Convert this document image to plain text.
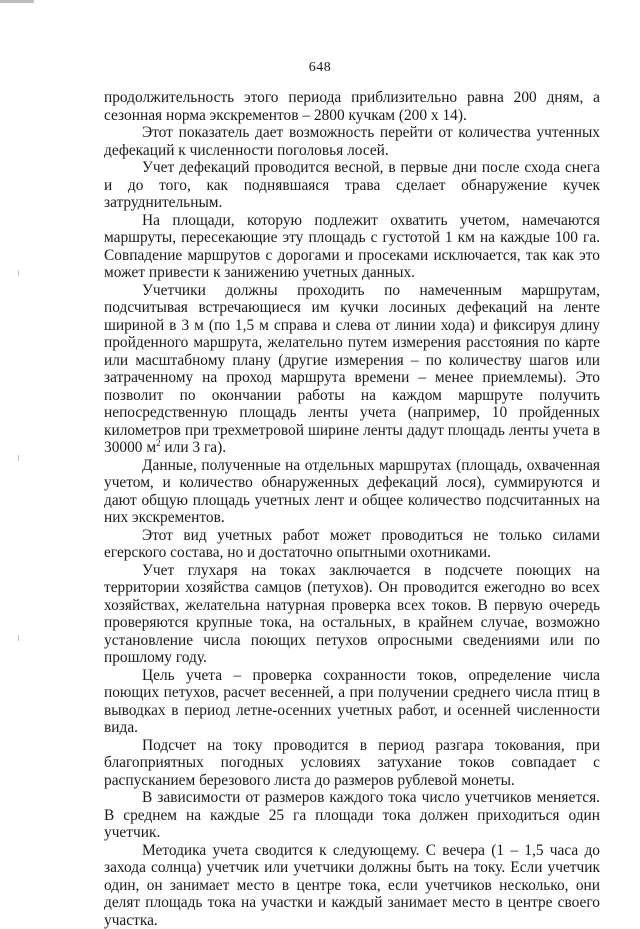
648

продолжительность этого периода приблизительно равна 200 дням, а сезонная норма экскрементов – 2800 кучкам (200 x 14).

Этот показатель дает возможность перейти от количества учтенных дефекаций к численности поголовья лосей.

Учет дефекаций проводится весной, в первые дни после схода снега и до того, как поднявшаяся трава сделает обнаружение кучек затруднительным.

На площади, которую подлежит охватить учетом, намечаются маршруты, пересекающие эту площадь с густотой 1 км на каждые 100 га. Совпадение маршрутов с дорогами и просеками исключается, так как это может привести к занижению учетных данных.

Учетчики должны проходить по намеченным маршрутам, подсчитывая встречающиеся им кучки лосиных дефекаций на ленте шириной в 3 м (по 1,5 м справа и слева от линии хода) и фиксируя длину пройденного маршрута, желательно путем измерения расстояния по карте или масштабному плану (другие измерения – по количеству шагов или затраченному на проход маршрута времени – менее приемлемы). Это позволит по окончании работы на каждом маршруте получить непосредственную площадь ленты учета (например, 10 пройденных километров при трехметровой ширине ленты дадут площадь ленты учета в 30000 $м^2$ или 3 га).

Данные, полученные на отдельных маршрутах (площадь, охваченная учетом, и количество обнаруженных дефекаций лося), суммируются и дают общую площадь учетных лент и общее количество подсчитанных на них экскрементов.

Этот вид учетных работ может проводиться не только силами егерского состава, но и достаточно опытными охотниками.

Учет глухаря на токах заключается в подсчете поющих на территории хозяйства самцов (петухов). Он проводится ежегодно во всех хозяйствах, желательна натурная проверка всех токов. В первую очередь проверяются крупные тока, на остальных, в крайнем случае, возможно установление числа поющих петухов опросными сведениями или по прошлому году.

Цель учета – проверка сохранности токов, определение числа поющих петухов, расчет весенней, а при получении среднего числа птиц в выводках в период летне-осенних учетных работ, и осенней численности вида.

Подсчет на току проводится в период разгара токования, при благоприятных погодных условиях затухание токов совпадает с распусканием березового листа до размеров рублевой монеты.

В зависимости от размеров каждого тока число учетчиков меняется. В среднем на каждые 25 га площади тока должен приходиться один учетчик.

Методика учета сводится к следующему. С вечера (1 – 1,5 часа до захода солнца) учетчик или учетчики должны быть на току. Если учетчик один, он занимает место в центре тока, если учетчиков несколько, они делят площадь тока на участки и каждый занимает место в центре своего участка.
